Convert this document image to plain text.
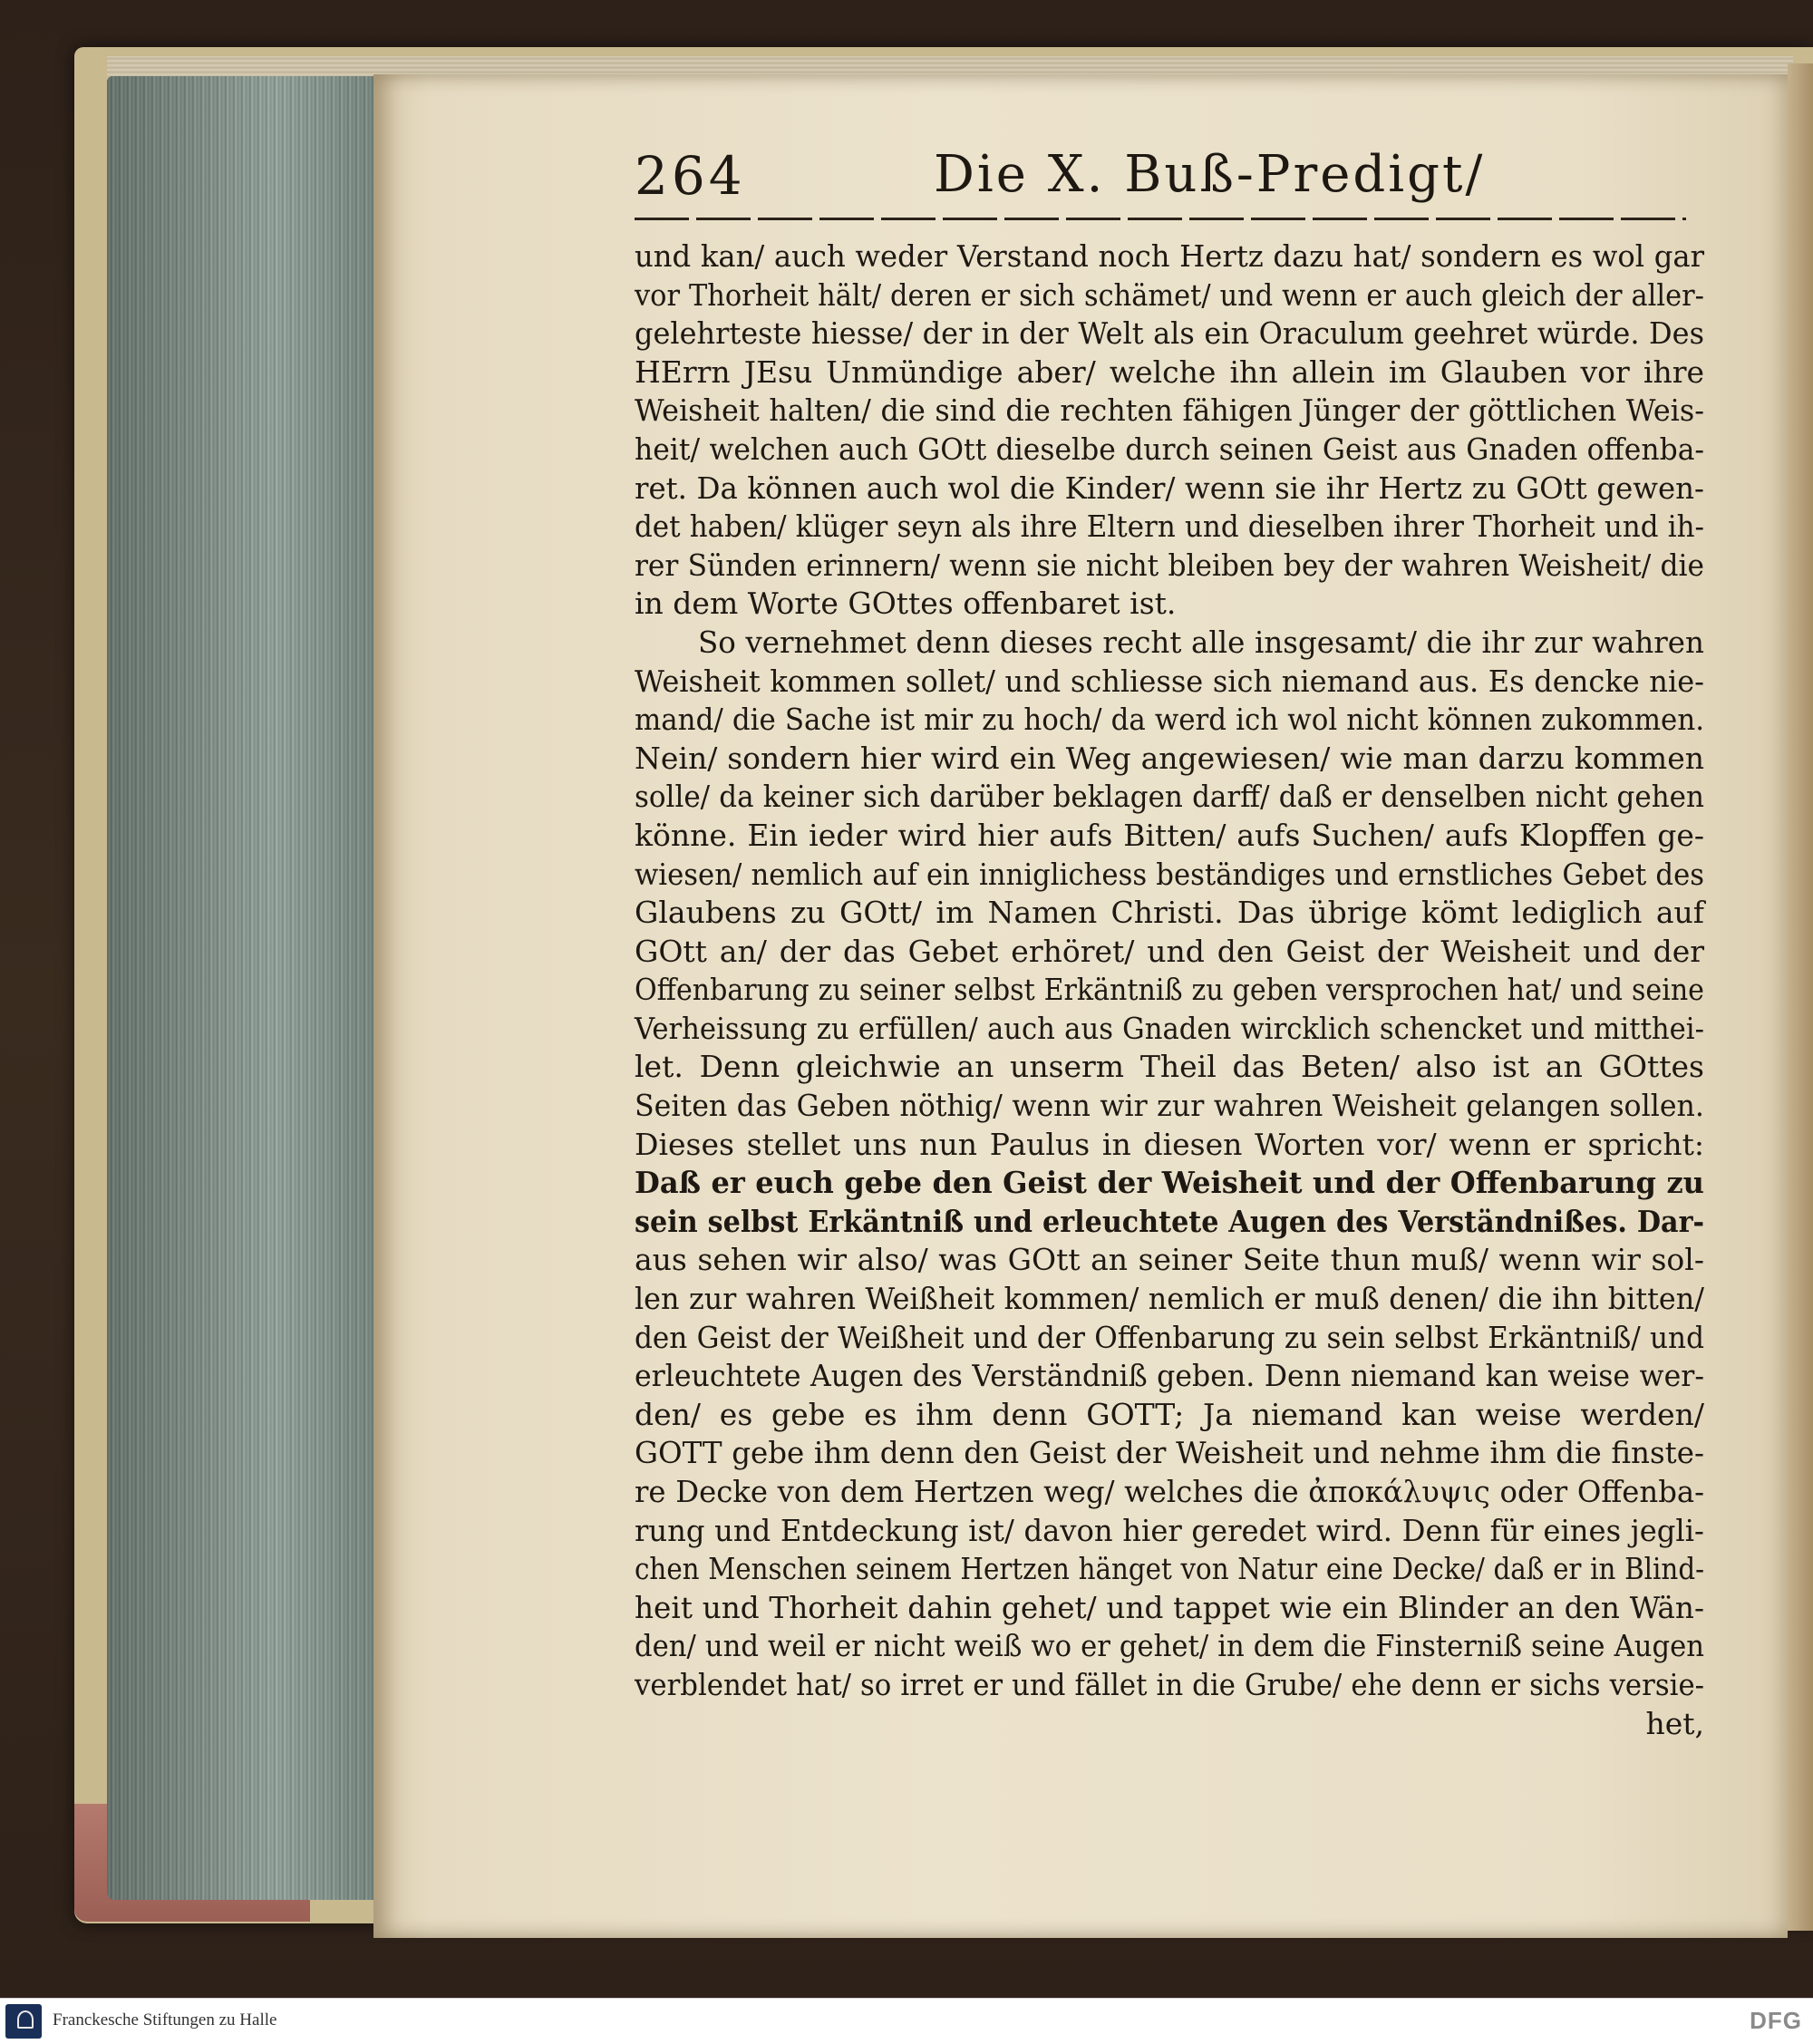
264	Die X. Buß-Predigt/
und kan/ auch weder Verstand noch Hertz dazu hat/ sondern es wol gar
vor Thorheit hält/ deren er sich schämet/ und wenn er auch gleich der aller-
gelehrteste hiesse/ der in der Welt als ein Oraculum geehret würde. Des
HErrn JEsu Unmündige aber/ welche ihn allein im Glauben vor ihre
Weisheit halten/ die sind die rechten fähigen Jünger der göttlichen Weis-
heit/ welchen auch GOtt dieselbe durch seinen Geist aus Gnaden offenba-
ret. Da können auch wol die Kinder/ wenn sie ihr Hertz zu GOtt gewen-
det haben/ klüger seyn als ihre Eltern und dieselben ihrer Thorheit und ih-
rer Sünden erinnern/ wenn sie nicht bleiben bey der wahren Weisheit/ die
in dem Worte GOttes offenbaret ist.
So vernehmet denn dieses recht alle insgesamt/ die ihr zur wahren
Weisheit kommen sollet/ und schliesse sich niemand aus. Es dencke nie-
mand/ die Sache ist mir zu hoch/ da werd ich wol nicht können zukommen.
Nein/ sondern hier wird ein Weg angewiesen/ wie man darzu kommen
solle/ da keiner sich darüber beklagen darff/ daß er denselben nicht gehen
könne. Ein ieder wird hier aufs Bitten/ aufs Suchen/ aufs Klopffen ge-
wiesen/ nemlich auf ein inniglichess beständiges und ernstliches Gebet des
Glaubens zu GOtt/ im Namen Christi. Das übrige kömt lediglich auf
GOtt an/ der das Gebet erhöret/ und den Geist der Weisheit und der
Offenbarung zu seiner selbst Erkäntniß zu geben versprochen hat/ und seine
Verheissung zu erfüllen/ auch aus Gnaden wircklich schencket und mitthei-
let. Denn gleichwie an unserm Theil das Beten/ also ist an GOttes
Seiten das Geben nöthig/ wenn wir zur wahren Weisheit gelangen sollen.
Dieses stellet uns nun Paulus in diesen Worten vor/ wenn er spricht:
Daß er euch gebe den Geist der Weisheit und der Offenbarung zu
sein selbst Erkäntniß und erleuchtete Augen des Verständnißes. Dar-
aus sehen wir also/ was GOtt an seiner Seite thun muß/ wenn wir sol-
len zur wahren Weißheit kommen/ nemlich er muß denen/ die ihn bitten/
den Geist der Weißheit und der Offenbarung zu sein selbst Erkäntniß/ und
erleuchtete Augen des Verständniß geben. Denn niemand kan weise wer-
den/ es gebe es ihm denn GOTT; Ja niemand kan weise werden/
GOTT gebe ihm denn den Geist der Weisheit und nehme ihm die finste-
re Decke von dem Hertzen weg/ welches die ἀποκάλυψις oder Offenba-
rung und Entdeckung ist/ davon hier geredet wird. Denn für eines jegli-
chen Menschen seinem Hertzen hänget von Natur eine Decke/ daß er in Blind-
heit und Thorheit dahin gehet/ und tappet wie ein Blinder an den Wän-
den/ und weil er nicht weiß wo er gehet/ in dem die Finsterniß seine Augen
verblendet hat/ so irret er und fället in die Grube/ ehe denn er sichs versie-
het,
Franckesche Stiftungen zu Halle	DFG
